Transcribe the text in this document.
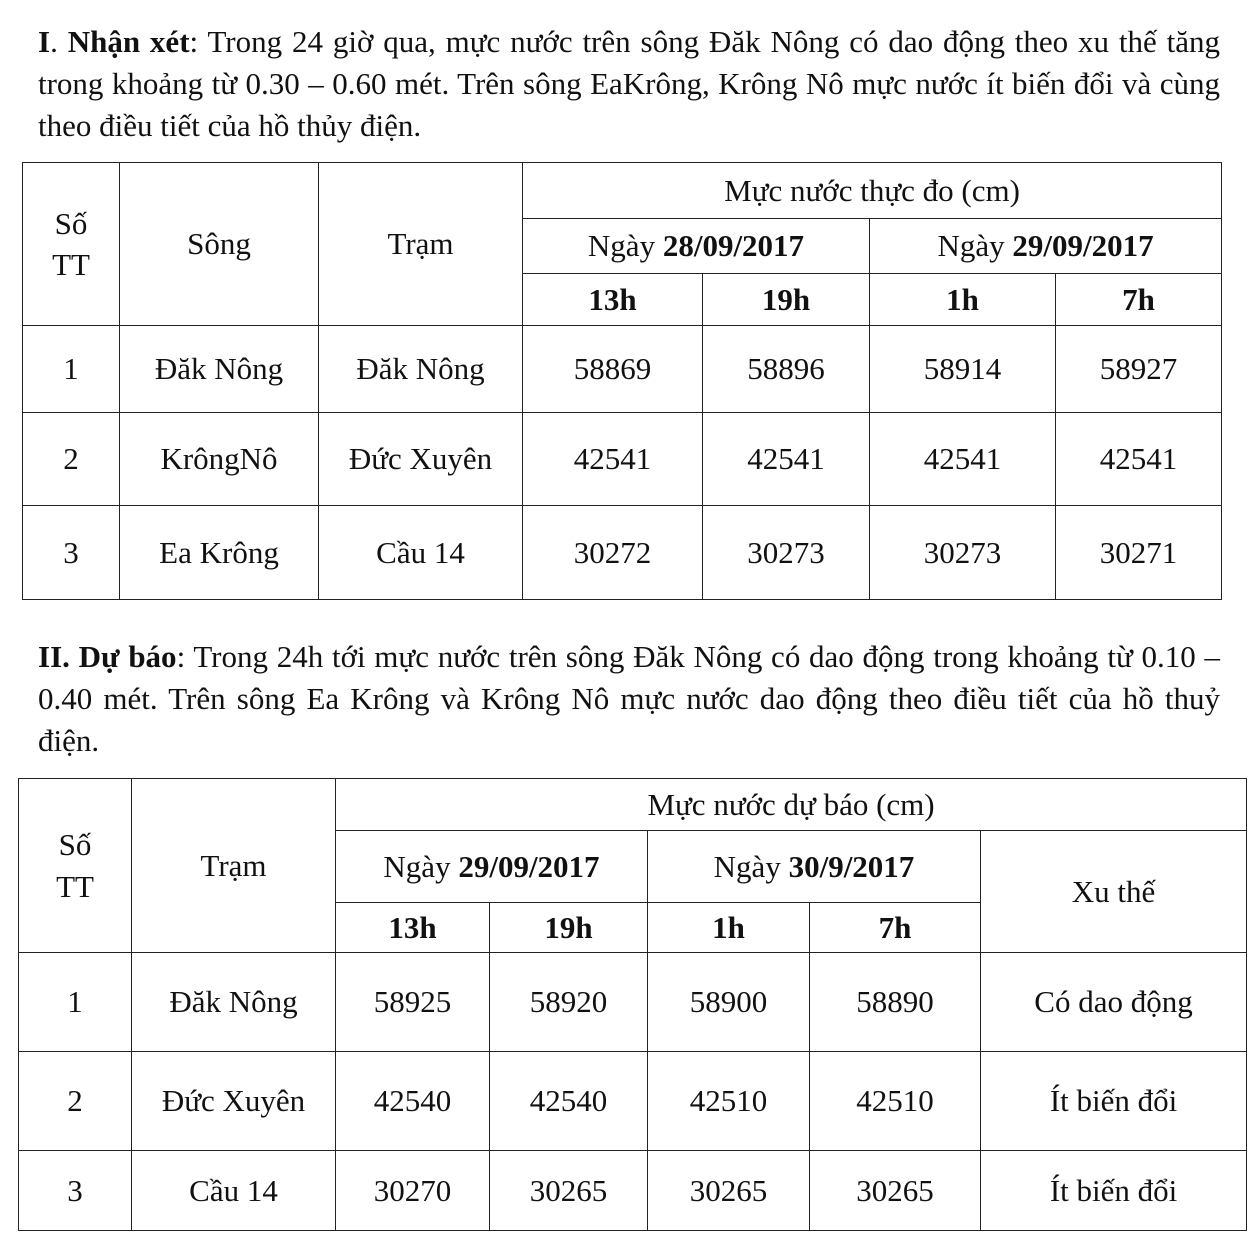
I. Nhận xét: Trong 24 giờ qua, mực nước trên sông Đăk Nông có dao động theo xu thế tăng trong khoảng từ 0.30 – 0.60 mét. Trên sông EaKrông, Krông Nô mực nước ít biến đổi và cùng theo điều tiết của hồ thủy điện.

Số TT	Sông	Trạm	Mực nước thực đo (cm)			
			Ngày 28/09/2017		Ngày 29/09/2017	
			13h	19h	1h	7h
1	Đăk Nông	Đăk Nông	58869	58896	58914	58927
2	KrôngNô	Đức Xuyên	42541	42541	42541	42541
3	Ea Krông	Cầu 14	30272	30273	30273	30271

II. Dự báo: Trong 24h tới mực nước trên sông Đăk Nông có dao động trong khoảng từ 0.10 – 0.40 mét. Trên sông Ea Krông và Krông Nô mực nước dao động theo điều tiết của hồ thuỷ điện.

Số TT	Trạm	Mực nước dự báo (cm)				
		Ngày 29/09/2017		Ngày 30/9/2017		Xu thế
		13h	19h	1h	7h	
1	Đăk Nông	58925	58920	58900	58890	Có dao động
2	Đức Xuyên	42540	42540	42510	42510	Ít biến đổi
3	Cầu 14	30270	30265	30265	30265	Ít biến đổi
